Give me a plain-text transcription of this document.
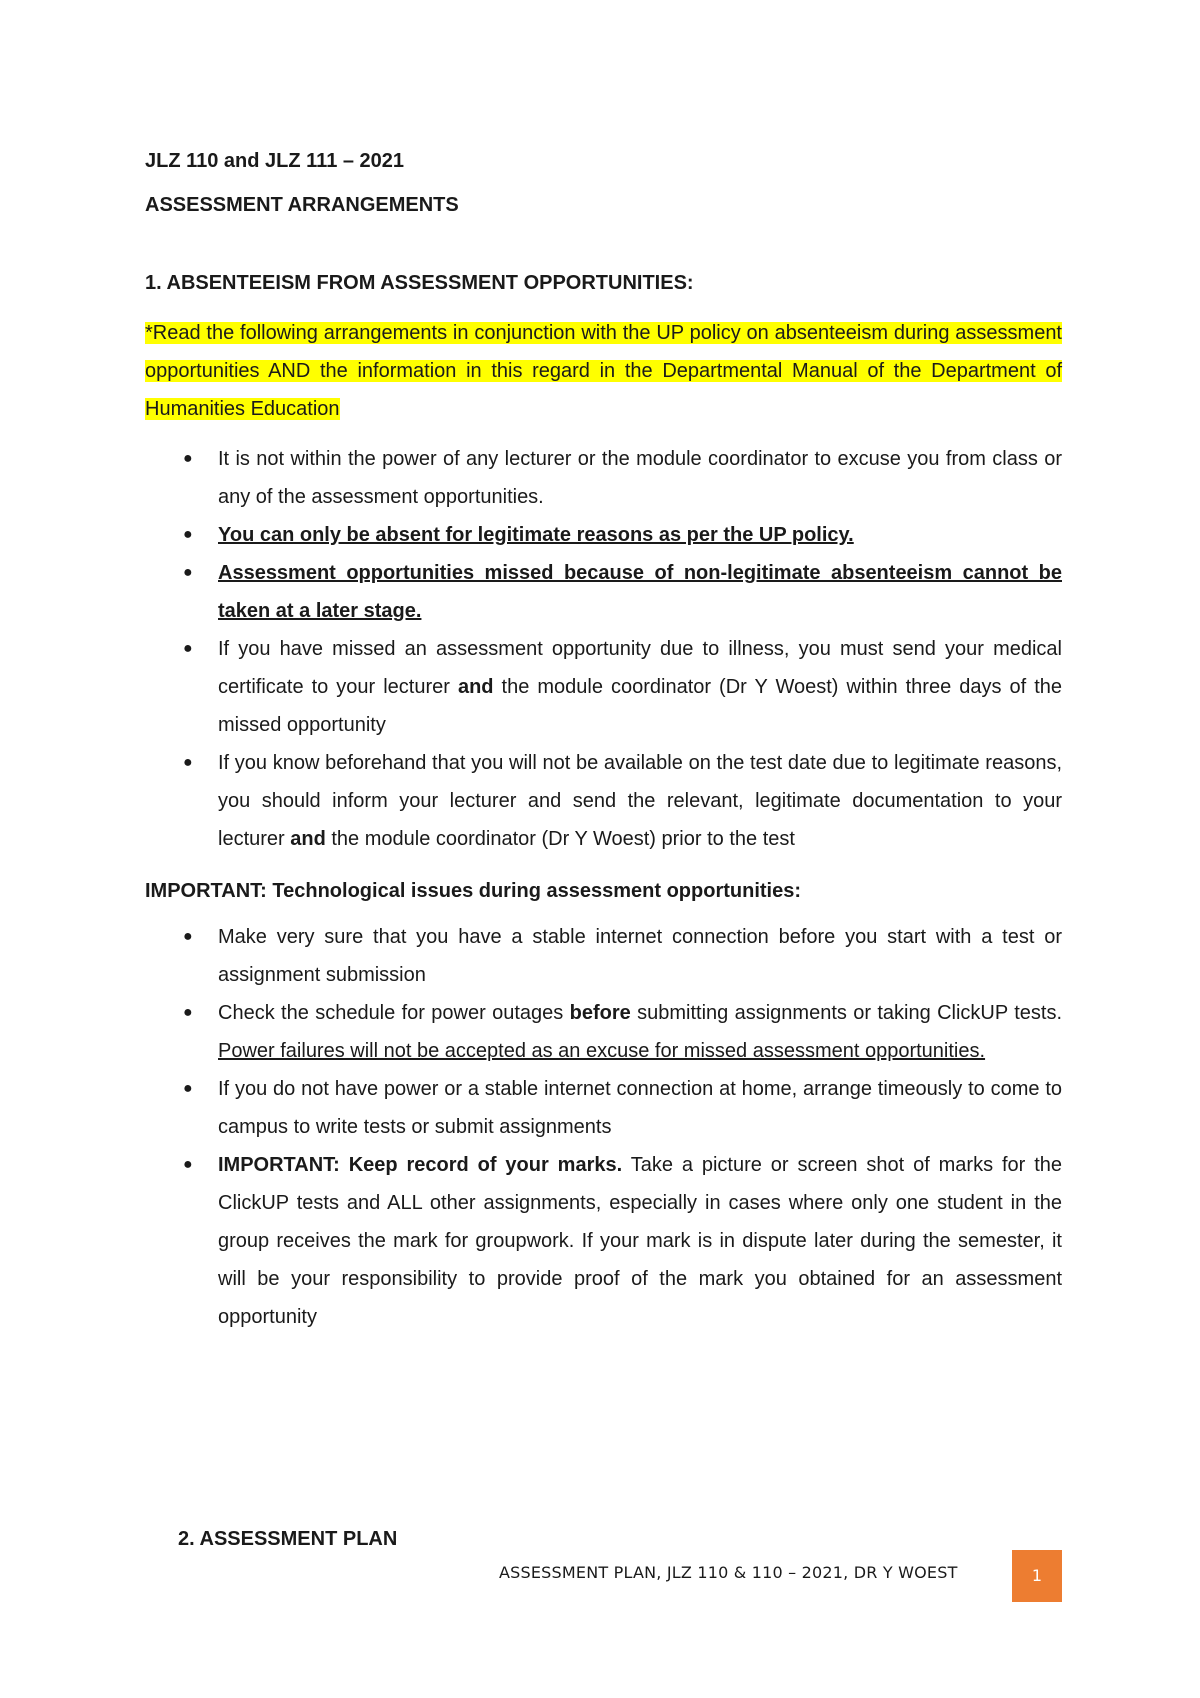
JLZ 110 and JLZ 111 – 2021

ASSESSMENT ARRANGEMENTS

1. ABSENTEEISM FROM ASSESSMENT OPPORTUNITIES:

*Read the following arrangements in conjunction with the UP policy on absenteeism during assessment opportunities AND the information in this regard in the Departmental Manual of the Department of Humanities Education

● It is not within the power of any lecturer or the module coordinator to excuse you from class or any of the assessment opportunities.
● You can only be absent for legitimate reasons as per the UP policy.
● Assessment opportunities missed because of non-legitimate absenteeism cannot be taken at a later stage.
● If you have missed an assessment opportunity due to illness, you must send your medical certificate to your lecturer and the module coordinator (Dr Y Woest) within three days of the missed opportunity
● If you know beforehand that you will not be available on the test date due to legitimate reasons, you should inform your lecturer and send the relevant, legitimate documentation to your lecturer and the module coordinator (Dr Y Woest) prior to the test

IMPORTANT: Technological issues during assessment opportunities:

● Make very sure that you have a stable internet connection before you start with a test or assignment submission
● Check the schedule for power outages before submitting assignments or taking ClickUP tests. Power failures will not be accepted as an excuse for missed assessment opportunities.
● If you do not have power or a stable internet connection at home, arrange timeously to come to campus to write tests or submit assignments
● IMPORTANT: Keep record of your marks. Take a picture or screen shot of marks for the ClickUP tests and ALL other assignments, especially in cases where only one student in the group receives the mark for groupwork. If your mark is in dispute later during the semester, it will be your responsibility to provide proof of the mark you obtained for an assessment opportunity
2. ASSESSMENT PLAN
ASSESSMENT PLAN, JLZ 110 & 110 – 2021, DR Y WOEST	1
